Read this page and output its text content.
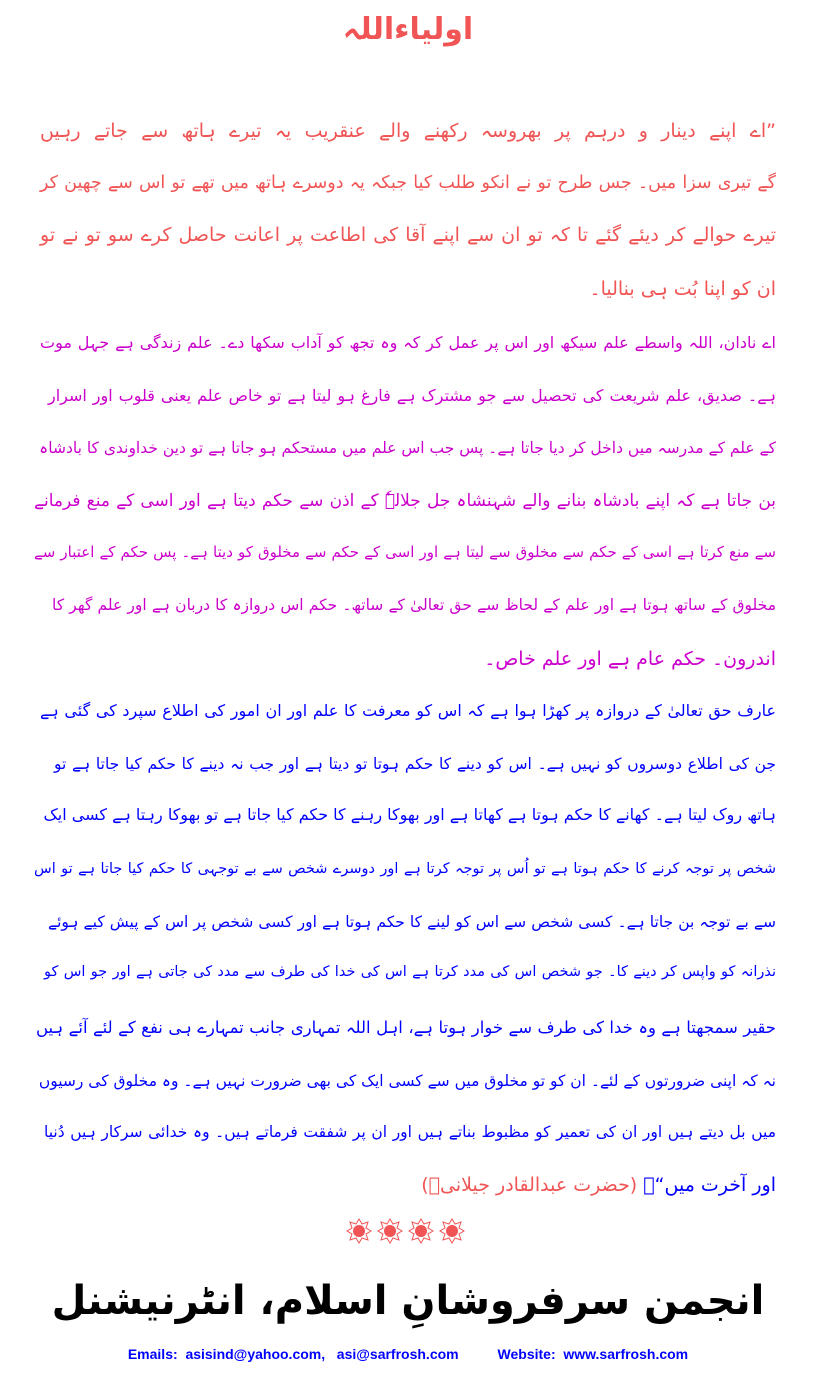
اولیاءاللہ
”اے اپنے دینار و درہم پر بھروسہ رکھنے والے عنقریب یہ تیرے ہاتھ سے جاتے رہیں
گے تیری سزا میں۔ جس طرح تو نے انکو طلب کیا جبکہ یہ دوسرے ہاتھ میں تھے تو اس سے چھین کر
تیرے حوالے کر دیئے گئے تا کہ تو ان سے اپنے آقا کی اطاعت پر اعانت حاصل کرے سو تو نے تو
ان کو اپنا بُت ہی بنالیا۔
اے نادان، اللہ واسطے علم سیکھ اور اس پر عمل کر کہ وہ تجھ کو آداب سکھا دے۔ علم زندگی ہے جہل موت
ہے۔ صدیق، علم شریعت کی تحصیل سے جو مشترک ہے فارغ ہو لیتا ہے تو خاص علم یعنی قلوب اور اسرار
کے علم کے مدرسہ میں داخل کر دیا جاتا ہے۔ پس جب اس علم میں مستحکم ہو جاتا ہے تو دین خداوندی کا بادشاہ
بن جاتا ہے کہ اپنے بادشاہ بنانے والے شہنشاہ جل جلالہٗ کے اذن سے حکم دیتا ہے اور اسی کے منع فرمانے
سے منع کرتا ہے اسی کے حکم سے مخلوق سے لیتا ہے اور اسی کے حکم سے مخلوق کو دیتا ہے۔ پس حکم کے اعتبار سے
مخلوق کے ساتھ ہوتا ہے اور علم کے لحاظ سے حق تعالیٰ کے ساتھ۔ حکم اس دروازہ کا دربان ہے اور علم گھر کا
اندرون۔ حکم عام ہے اور علم خاص۔
عارف حق تعالیٰ کے دروازہ پر کھڑا ہوا ہے کہ اس کو معرفت کا علم اور ان امور کی اطلاع سپرد کی گئی ہے
جن کی اطلاع دوسروں کو نہیں ہے۔ اس کو دینے کا حکم ہوتا تو دیتا ہے اور جب نہ دینے کا حکم کیا جاتا ہے تو
ہاتھ روک لیتا ہے۔ کھانے کا حکم ہوتا ہے کھاتا ہے اور بھوکا رہنے کا حکم کیا جاتا ہے تو بھوکا رہتا ہے کسی ایک
شخص پر توجہ کرنے کا حکم ہوتا ہے تو اُس پر توجہ کرتا ہے اور دوسرے شخص سے بے توجہی کا حکم کیا جاتا ہے تو اس
سے بے توجہ بن جاتا ہے۔ کسی شخص سے اس کو لینے کا حکم ہوتا ہے اور کسی شخص پر اس کے پیش کیے ہوئے
نذرانہ کو واپس کر دینے کا۔ جو شخص اس کی مدد کرتا ہے اس کی خدا کی طرف سے مدد کی جاتی ہے اور جو اس کو
حقیر سمجھتا ہے وہ خدا کی طرف سے خوار ہوتا ہے، اہل اللہ تمہاری جانب تمہارے ہی نفع کے لئے آئے ہیں
نہ کہ اپنی ضرورتوں کے لئے۔ ان کو تو مخلوق میں سے کسی ایک کی بھی ضرورت نہیں ہے۔ وہ مخلوق کی رسیوں
میں بل دیتے ہیں اور ان کی تعمیر کو مظبوط بناتے ہیں اور ان پر شفقت فرماتے ہیں۔ وہ خدائی سرکار ہیں دُنیا
اور آخرت میں“۔ (حضرت عبدالقادر جیلانیؒ)
انجمن سرفروشانِ اسلام، انٹرنیشنل
Emails: asisind@yahoo.com, asi@sarfrosh.com	Website: www.sarfrosh.com
